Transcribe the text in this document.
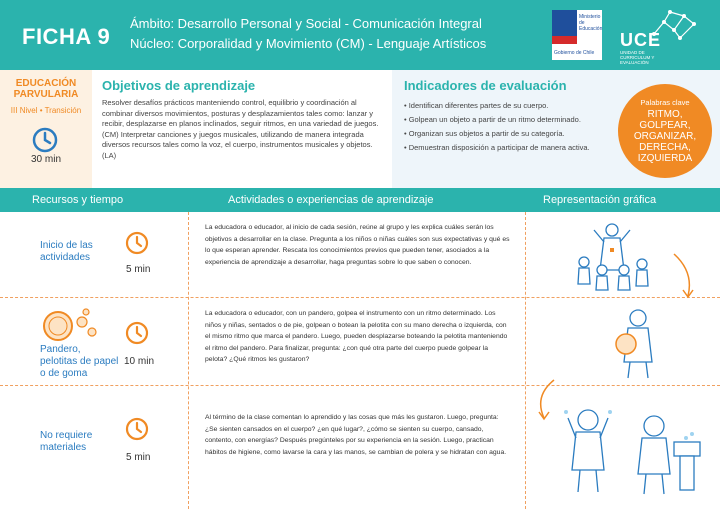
FICHA 9
Ámbito: Desarrollo Personal y Social - Comunicación Integral
Núcleo: Corporalidad y Movimiento (CM) - Lenguaje Artísticos
Ministerio de Educación
Gobierno de Chile
UCE
UNIDAD DE CURRICULUM Y EVALUACIÓN
EDUCACIÓN PARVULARIA
III Nivel • Transición
30 min
Objetivos de aprendizaje
Resolver desafíos prácticos manteniendo control, equilibrio y coordinación al combinar diversos movimientos, posturas y desplazamientos tales como: lanzar y recibir, desplazarse en planos inclinados, seguir ritmos, en una variedad de juegos. (CM) Interpretar canciones y juegos musicales, utilizando de manera integrada diversos recursos tales como la voz, el cuerpo, instrumentos musicales y objetos. (LA)
Indicadores de evaluación
• Identifican diferentes partes de su cuerpo.
• Golpean un objeto a partir de un ritmo determinado.
• Organizan sus objetos a partir de su categoría.
• Demuestran disposición a participar de manera activa.
Palabras clave
RITMO,
GOLPEAR,
ORGANIZAR,
DERECHA,
IZQUIERDA
Recursos y tiempo	Actividades o experiencias de aprendizaje	Representación gráfica
Inicio de las actividades
5 min
La educadora o educador, al inicio de cada sesión, reúne al grupo y les explica cuáles serán los objetivos a desarrollar en la clase. Pregunta a los niños o niñas cuáles son sus expectativas y qué es lo que esperan aprender. Rescata los conocimientos previos que pueden tener, asociados a la experiencia de aprendizaje a desarrollar, haga preguntas sobre lo que saben o conocen.
Pandero, pelotitas de papel o de goma
10 min
La educadora o educador, con un pandero, golpea el instrumento con un ritmo determinado. Los niños y niñas, sentados o de pie, golpean o botean la pelotita con su mano derecha o izquierda, con el mismo ritmo que marca el pandero. Luego, pueden desplazarse boteando la pelotita manteniendo el ritmo del pandero. Para finalizar, pregunta: ¿con qué otra parte del cuerpo puede golpear la pelota? ¿Qué ritmos les gustaron?
No requiere materiales
5 min
Al término de la clase comentan lo aprendido y las cosas que más les gustaron. Luego, pregunta: ¿Se sienten cansados en el cuerpo? ¿en qué lugar?, ¿cómo se sienten su cuerpo, cansado, contento, con energías? Después pregúnteles por su experiencia en la sesión. Luego, practican hábitos de higiene, como lavarse la cara y las manos, se cambian de polera y se hidratan con agua.
